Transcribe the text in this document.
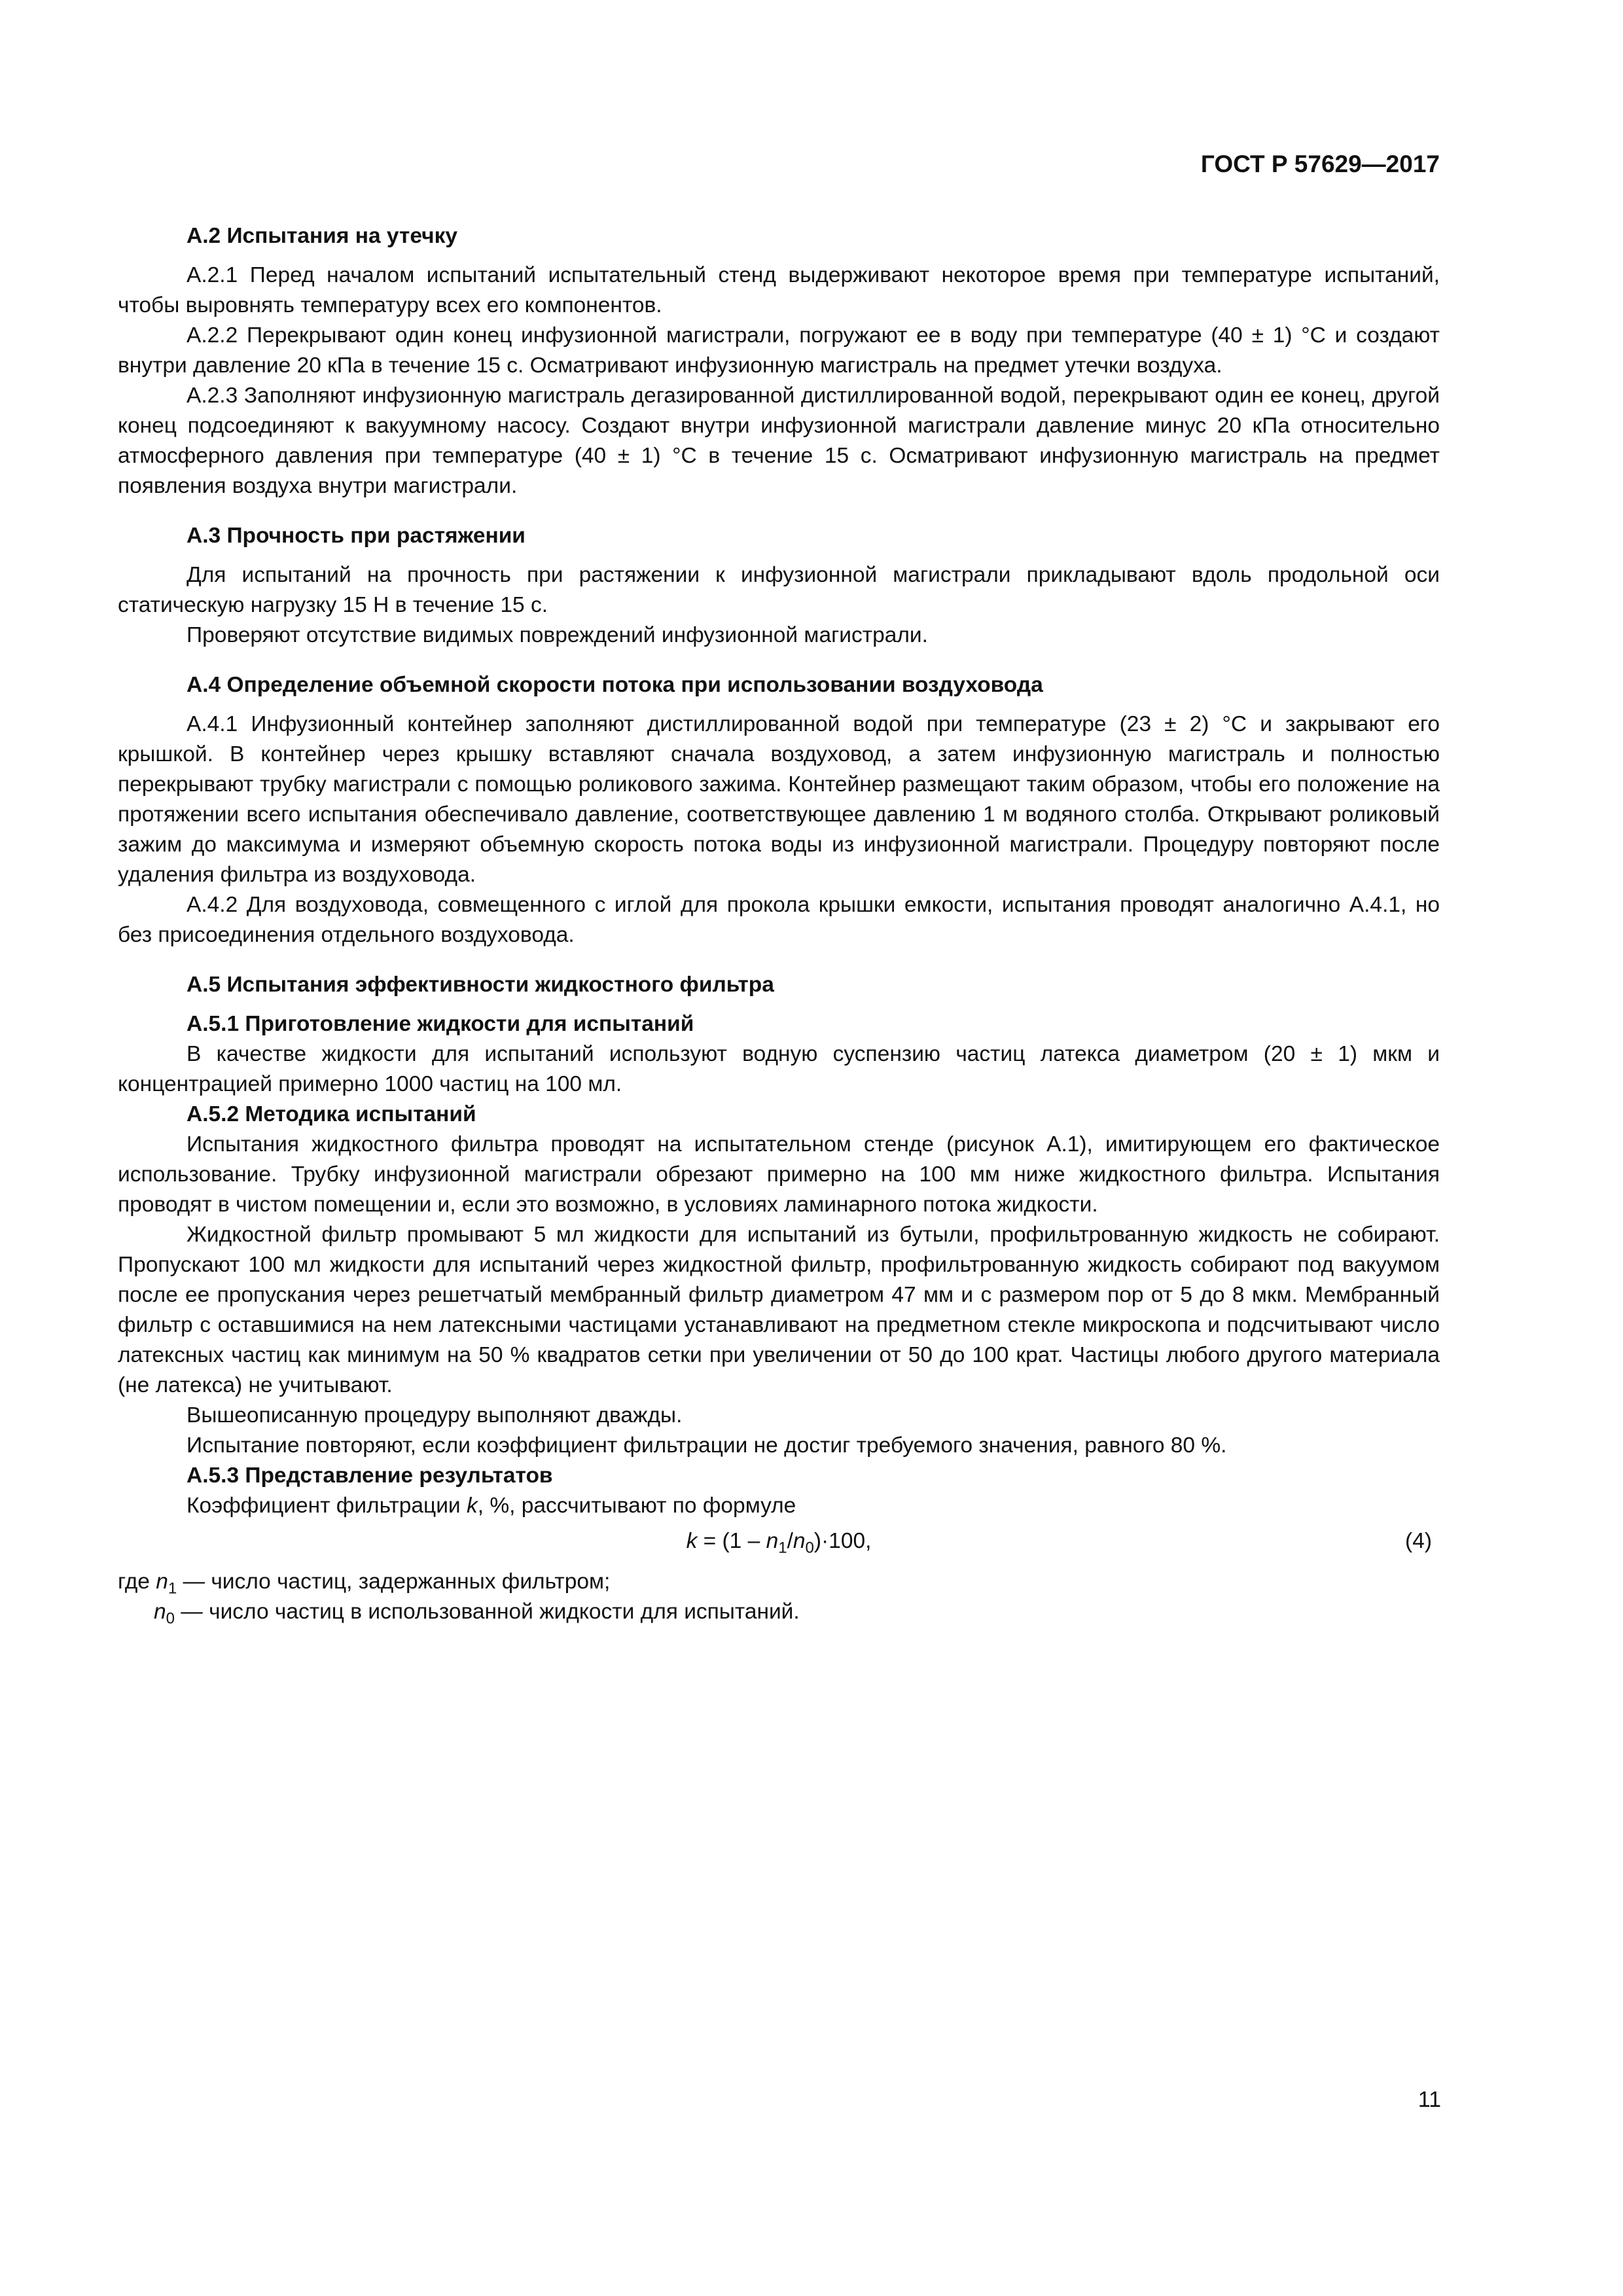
ГОСТ Р 57629—2017
А.2 Испытания на утечку

А.2.1 Перед началом испытаний испытательный стенд выдерживают некоторое время при температуре испытаний, чтобы выровнять температуру всех его компонентов.

А.2.2 Перекрывают один конец инфузионной магистрали, погружают ее в воду при температуре (40 ± 1) °С и создают внутри давление 20 кПа в течение 15 с. Осматривают инфузионную магистраль на предмет утечки воздуха.

А.2.3 Заполняют инфузионную магистраль дегазированной дистиллированной водой, перекрывают один ее конец, другой конец подсоединяют к вакуумному насосу. Создают внутри инфузионной магистрали давление минус 20 кПа относительно атмосферного давления при температуре (40 ± 1) °С в течение 15 с. Осматривают инфузионную магистраль на предмет появления воздуха внутри магистрали.

А.3 Прочность при растяжении

Для испытаний на прочность при растяжении к инфузионной магистрали прикладывают вдоль продольной оси статическую нагрузку 15 Н в течение 15 с.

Проверяют отсутствие видимых повреждений инфузионной магистрали.

А.4 Определение объемной скорости потока при использовании воздуховода

А.4.1 Инфузионный контейнер заполняют дистиллированной водой при температуре (23 ± 2) °С и закрывают его крышкой. В контейнер через крышку вставляют сначала воздуховод, а затем инфузионную магистраль и полностью перекрывают трубку магистрали с помощью роликового зажима. Контейнер размещают таким образом, чтобы его положение на протяжении всего испытания обеспечивало давление, соответствующее давлению 1 м водяного столба. Открывают роликовый зажим до максимума и измеряют объемную скорость потока воды из инфузионной магистрали. Процедуру повторяют после удаления фильтра из воздуховода.

А.4.2 Для воздуховода, совмещенного с иглой для прокола крышки емкости, испытания проводят аналогично А.4.1, но без присоединения отдельного воздуховода.

А.5 Испытания эффективности жидкостного фильтра
А.5.1 Приготовление жидкости для испытаний

В качестве жидкости для испытаний используют водную суспензию частиц латекса диаметром (20 ± 1) мкм и концентрацией примерно 1000 частиц на 100 мл.

А.5.2 Методика испытаний

Испытания жидкостного фильтра проводят на испытательном стенде (рисунок А.1), имитирующем его фактическое использование. Трубку инфузионной магистрали обрезают примерно на 100 мм ниже жидкостного фильтра. Испытания проводят в чистом помещении и, если это возможно, в условиях ламинарного потока жидкости.

Жидкостной фильтр промывают 5 мл жидкости для испытаний из бутыли, профильтрованную жидкость не собирают. Пропускают 100 мл жидкости для испытаний через жидкостной фильтр, профильтрованную жидкость собирают под вакуумом после ее пропускания через решетчатый мембранный фильтр диаметром 47 мм и с размером пор от 5 до 8 мкм. Мембранный фильтр с оставшимися на нем латексными частицами устанавливают на предметном стекле микроскопа и подсчитывают число латексных частиц как минимум на 50 % квадратов сетки при увеличении от 50 до 100 крат. Частицы любого другого материала (не латекса) не учитывают.

Вышеописанную процедуру выполняют дважды.

Испытание повторяют, если коэффициент фильтрации не достиг требуемого значения, равного 80 %.

А.5.3 Представление результатов

Коэффициент фильтрации k, %, рассчитывают по формуле

$k = (1 - n_1/n_0)\cdot 100$,	(4)

где $n_1$ — число частиц, задержанных фильтром;

$n_0$ — число частиц в использованной жидкости для испытаний.

11
